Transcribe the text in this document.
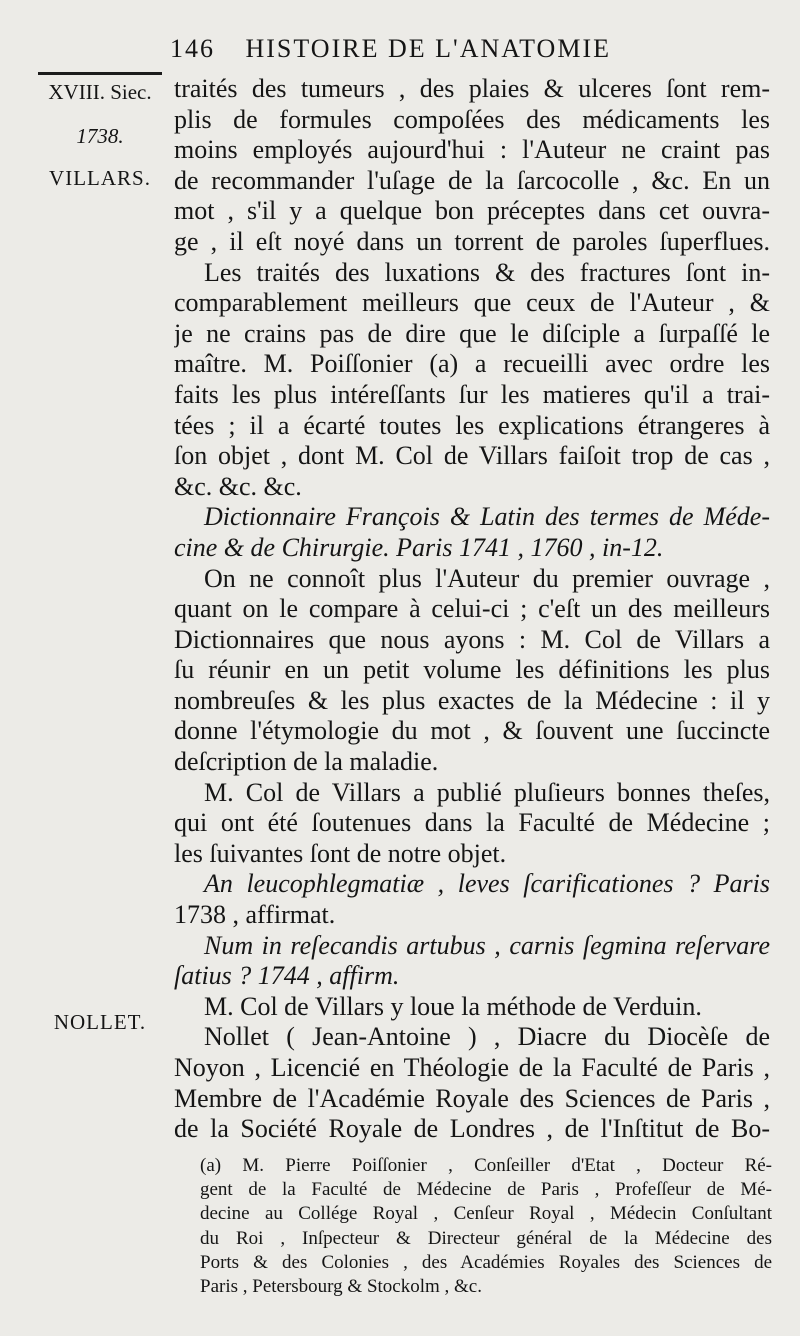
146 HISTOIRE DE L'ANATOMIE
XVIII. Siec.
1738.
VILLARS.
NOLLET.
traités des tumeurs , des plaies & ulceres ſont rem-
plis de formules compoſées des médicaments les
moins employés aujourd'hui : l'Auteur ne craint pas
de recommander l'uſage de la ſarcocolle , &c. En un
mot , s'il y a quelque bon préceptes dans cet ouvra-
ge , il eſt noyé dans un torrent de paroles ſuperflues.
Les traités des luxations & des fractures ſont in-
comparablement meilleurs que ceux de l'Auteur , &
je ne crains pas de dire que le diſciple a ſurpaſſé le
maître. M. Poiſſonier (a) a recueilli avec ordre les
faits les plus intéreſſants ſur les matieres qu'il a trai-
tées ; il a écarté toutes les explications étrangeres à
ſon objet , dont M. Col de Villars faiſoit trop de cas ,
&c. &c. &c.
Dictionnaire François & Latin des termes de Méde-
cine & de Chirurgie. Paris 1741 , 1760 , in-12.
On ne connoît plus l'Auteur du premier ouvrage ,
quant on le compare à celui-ci ; c'eſt un des meilleurs
Dictionnaires que nous ayons : M. Col de Villars a
ſu réunir en un petit volume les définitions les plus
nombreuſes & les plus exactes de la Médecine : il y
donne l'étymologie du mot , & ſouvent une ſuccincte
deſcription de la maladie.
M. Col de Villars a publié pluſieurs bonnes theſes,
qui ont été ſoutenues dans la Faculté de Médecine ;
les ſuivantes ſont de notre objet.
An leucophlegmatiæ , leves ſcarificationes ? Paris
1738 , affirmat.
Num in reſecandis artubus , carnis ſegmina reſervare
ſatius ? 1744 , affirm.
M. Col de Villars y loue la méthode de Verduin.
Nollet ( Jean-Antoine ) , Diacre du Diocèſe de
Noyon , Licencié en Théologie de la Faculté de Paris ,
Membre de l'Académie Royale des Sciences de Paris ,
de la Société Royale de Londres , de l'Inſtitut de Bo-
(a) M. Pierre Poiſſonier , Conſeiller d'Etat , Docteur Ré-
gent de la Faculté de Médecine de Paris , Profeſſeur de Mé-
decine au Collége Royal , Cenſeur Royal , Médecin Conſultant
du Roi , Inſpecteur & Directeur général de la Médecine des
Ports & des Colonies , des Académies Royales des Sciences de
Paris , Petersbourg & Stockolm , &c.
